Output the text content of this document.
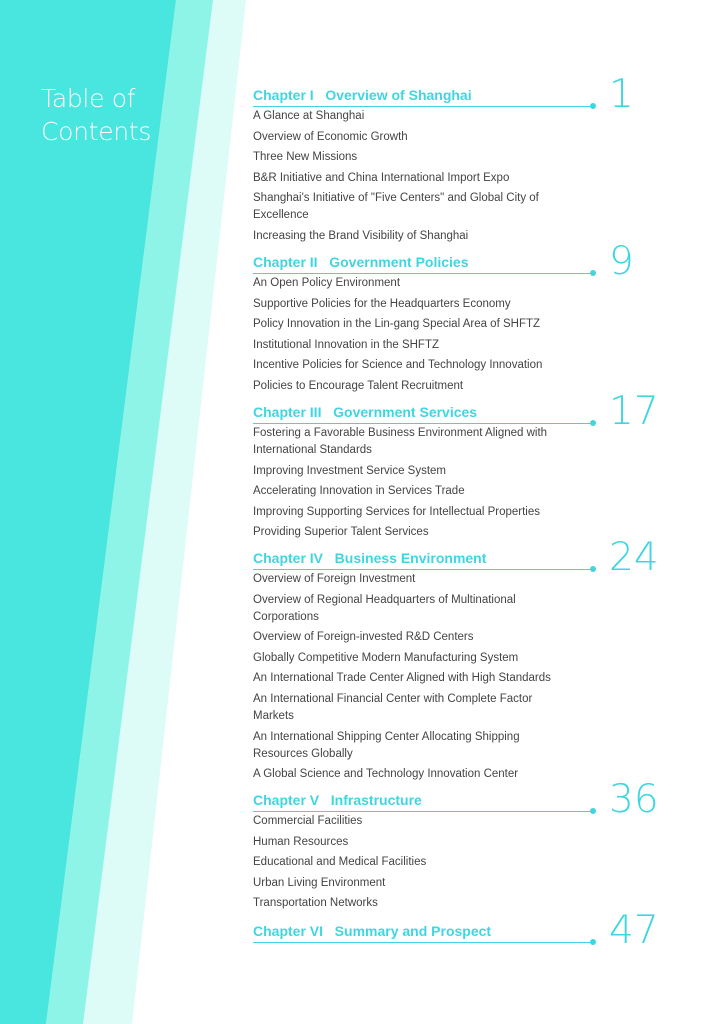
Table of
Contents
Chapter I   Overview of Shanghai	1
A Glance at Shanghai
Overview of Economic Growth
Three New Missions
B&R Initiative and China International Import Expo
Shanghai's Initiative of "Five Centers" and Global City of Excellence
Increasing the Brand Visibility of Shanghai
Chapter II   Government Policies	9
An Open Policy Environment
Supportive Policies for the Headquarters Economy
Policy Innovation in the Lin-gang Special Area of SHFTZ
Institutional Innovation in the SHFTZ
Incentive Policies for Science and Technology Innovation
Policies to Encourage Talent Recruitment
Chapter III   Government Services	17
Fostering a Favorable Business Environment Aligned with International Standards
Improving Investment Service System
Accelerating Innovation in Services Trade
Improving Supporting Services for Intellectual Properties
Providing Superior Talent Services
Chapter IV   Business Environment	24
Overview of Foreign Investment
Overview of Regional Headquarters of Multinational Corporations
Overview of Foreign-invested R&D Centers
Globally Competitive Modern Manufacturing System
An International Trade Center Aligned with High Standards
An International Financial Center with Complete Factor Markets
An International Shipping Center Allocating Shipping Resources Globally
A Global Science and Technology Innovation Center
Chapter V   Infrastructure	36
Commercial Facilities
Human Resources
Educational and Medical Facilities
Urban Living Environment
Transportation Networks
Chapter VI   Summary and Prospect	47
